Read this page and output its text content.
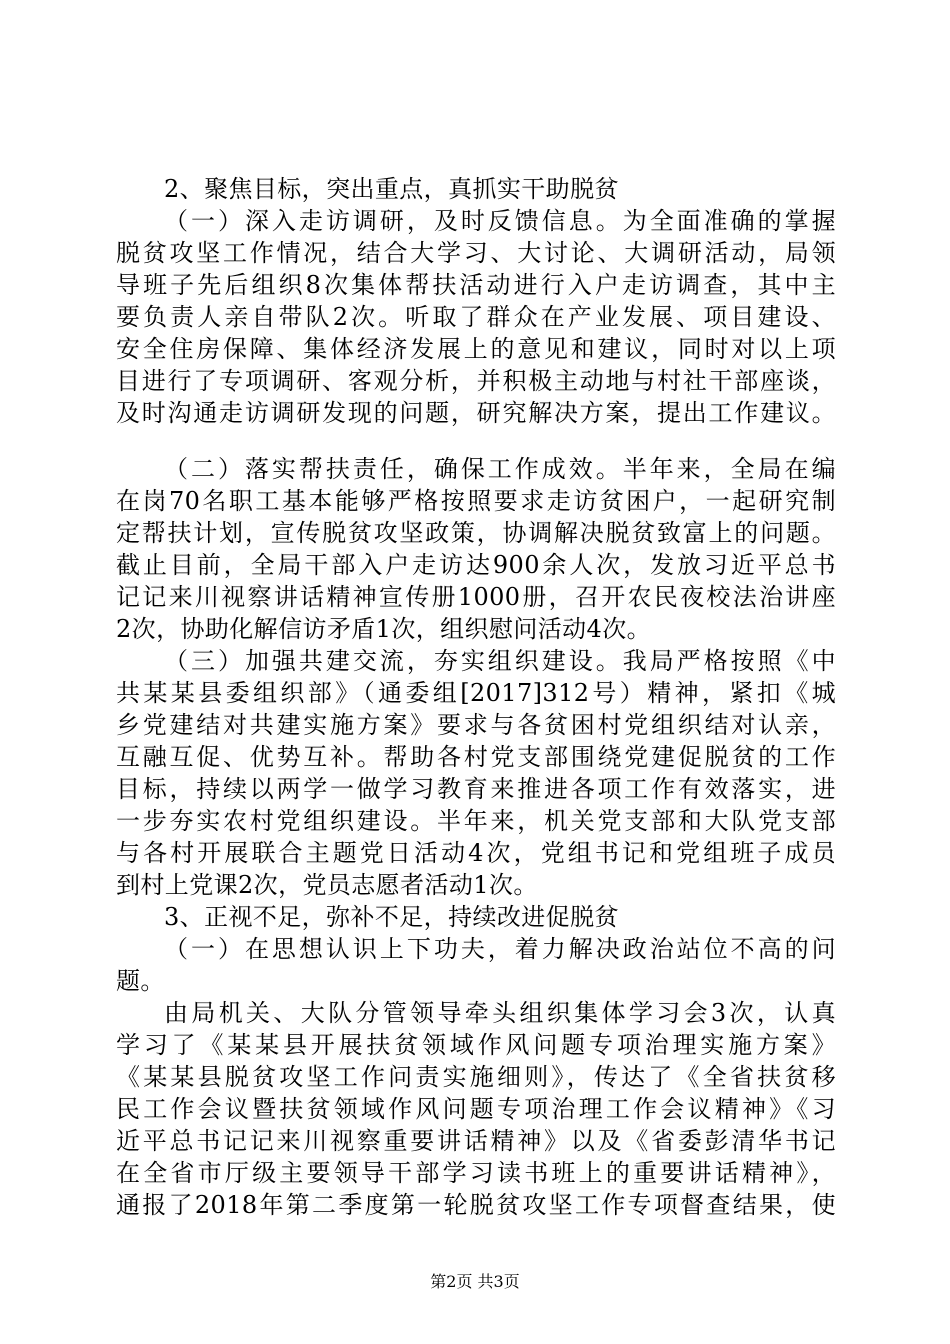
2、聚焦目标，突出重点，真抓实干助脱贫
（一）深入走访调研，及时反馈信息。为全面准确的掌握
脱贫攻坚工作情况，结合大学习、大讨论、大调研活动，局领
导班子先后组织8次集体帮扶活动进行入户走访调查，其中主
要负责人亲自带队2次。听取了群众在产业发展、项目建设、
安全住房保障、集体经济发展上的意见和建议，同时对以上项
目进行了专项调研、客观分析，并积极主动地与村社干部座谈，
及时沟通走访调研发现的问题，研究解决方案，提出工作建议。
（二）落实帮扶责任，确保工作成效。半年来，全局在编
在岗70名职工基本能够严格按照要求走访贫困户，一起研究制
定帮扶计划，宣传脱贫攻坚政策，协调解决脱贫致富上的问题。
截止目前，全局干部入户走访达900余人次，发放习近平总书
记记来川视察讲话精神宣传册1000册，召开农民夜校法治讲座
2次，协助化解信访矛盾1次，组织慰问活动4次。
（三）加强共建交流，夯实组织建设。我局严格按照《中
共某某县委组织部》（通委组[2017]312号）精神，紧扣《城
乡党建结对共建实施方案》要求与各贫困村党组织结对认亲，
互融互促、优势互补。帮助各村党支部围绕党建促脱贫的工作
目标，持续以两学一做学习教育来推进各项工作有效落实，进
一步夯实农村党组织建设。半年来，机关党支部和大队党支部
与各村开展联合主题党日活动4次，党组书记和党组班子成员
到村上党课2次，党员志愿者活动1次。
3、正视不足，弥补不足，持续改进促脱贫
（一）在思想认识上下功夫，着力解决政治站位不高的问
题。
由局机关、大队分管领导牵头组织集体学习会3次，认真
学习了《某某县开展扶贫领域作风问题专项治理实施方案》
《某某县脱贫攻坚工作问责实施细则》，传达了《全省扶贫移
民工作会议暨扶贫领域作风问题专项治理工作会议精神》《习
近平总书记记来川视察重要讲话精神》以及《省委彭清华书记
在全省市厅级主要领导干部学习读书班上的重要讲话精神》，
通报了2018年第二季度第一轮脱贫攻坚工作专项督查结果，使
第2页 共3页
